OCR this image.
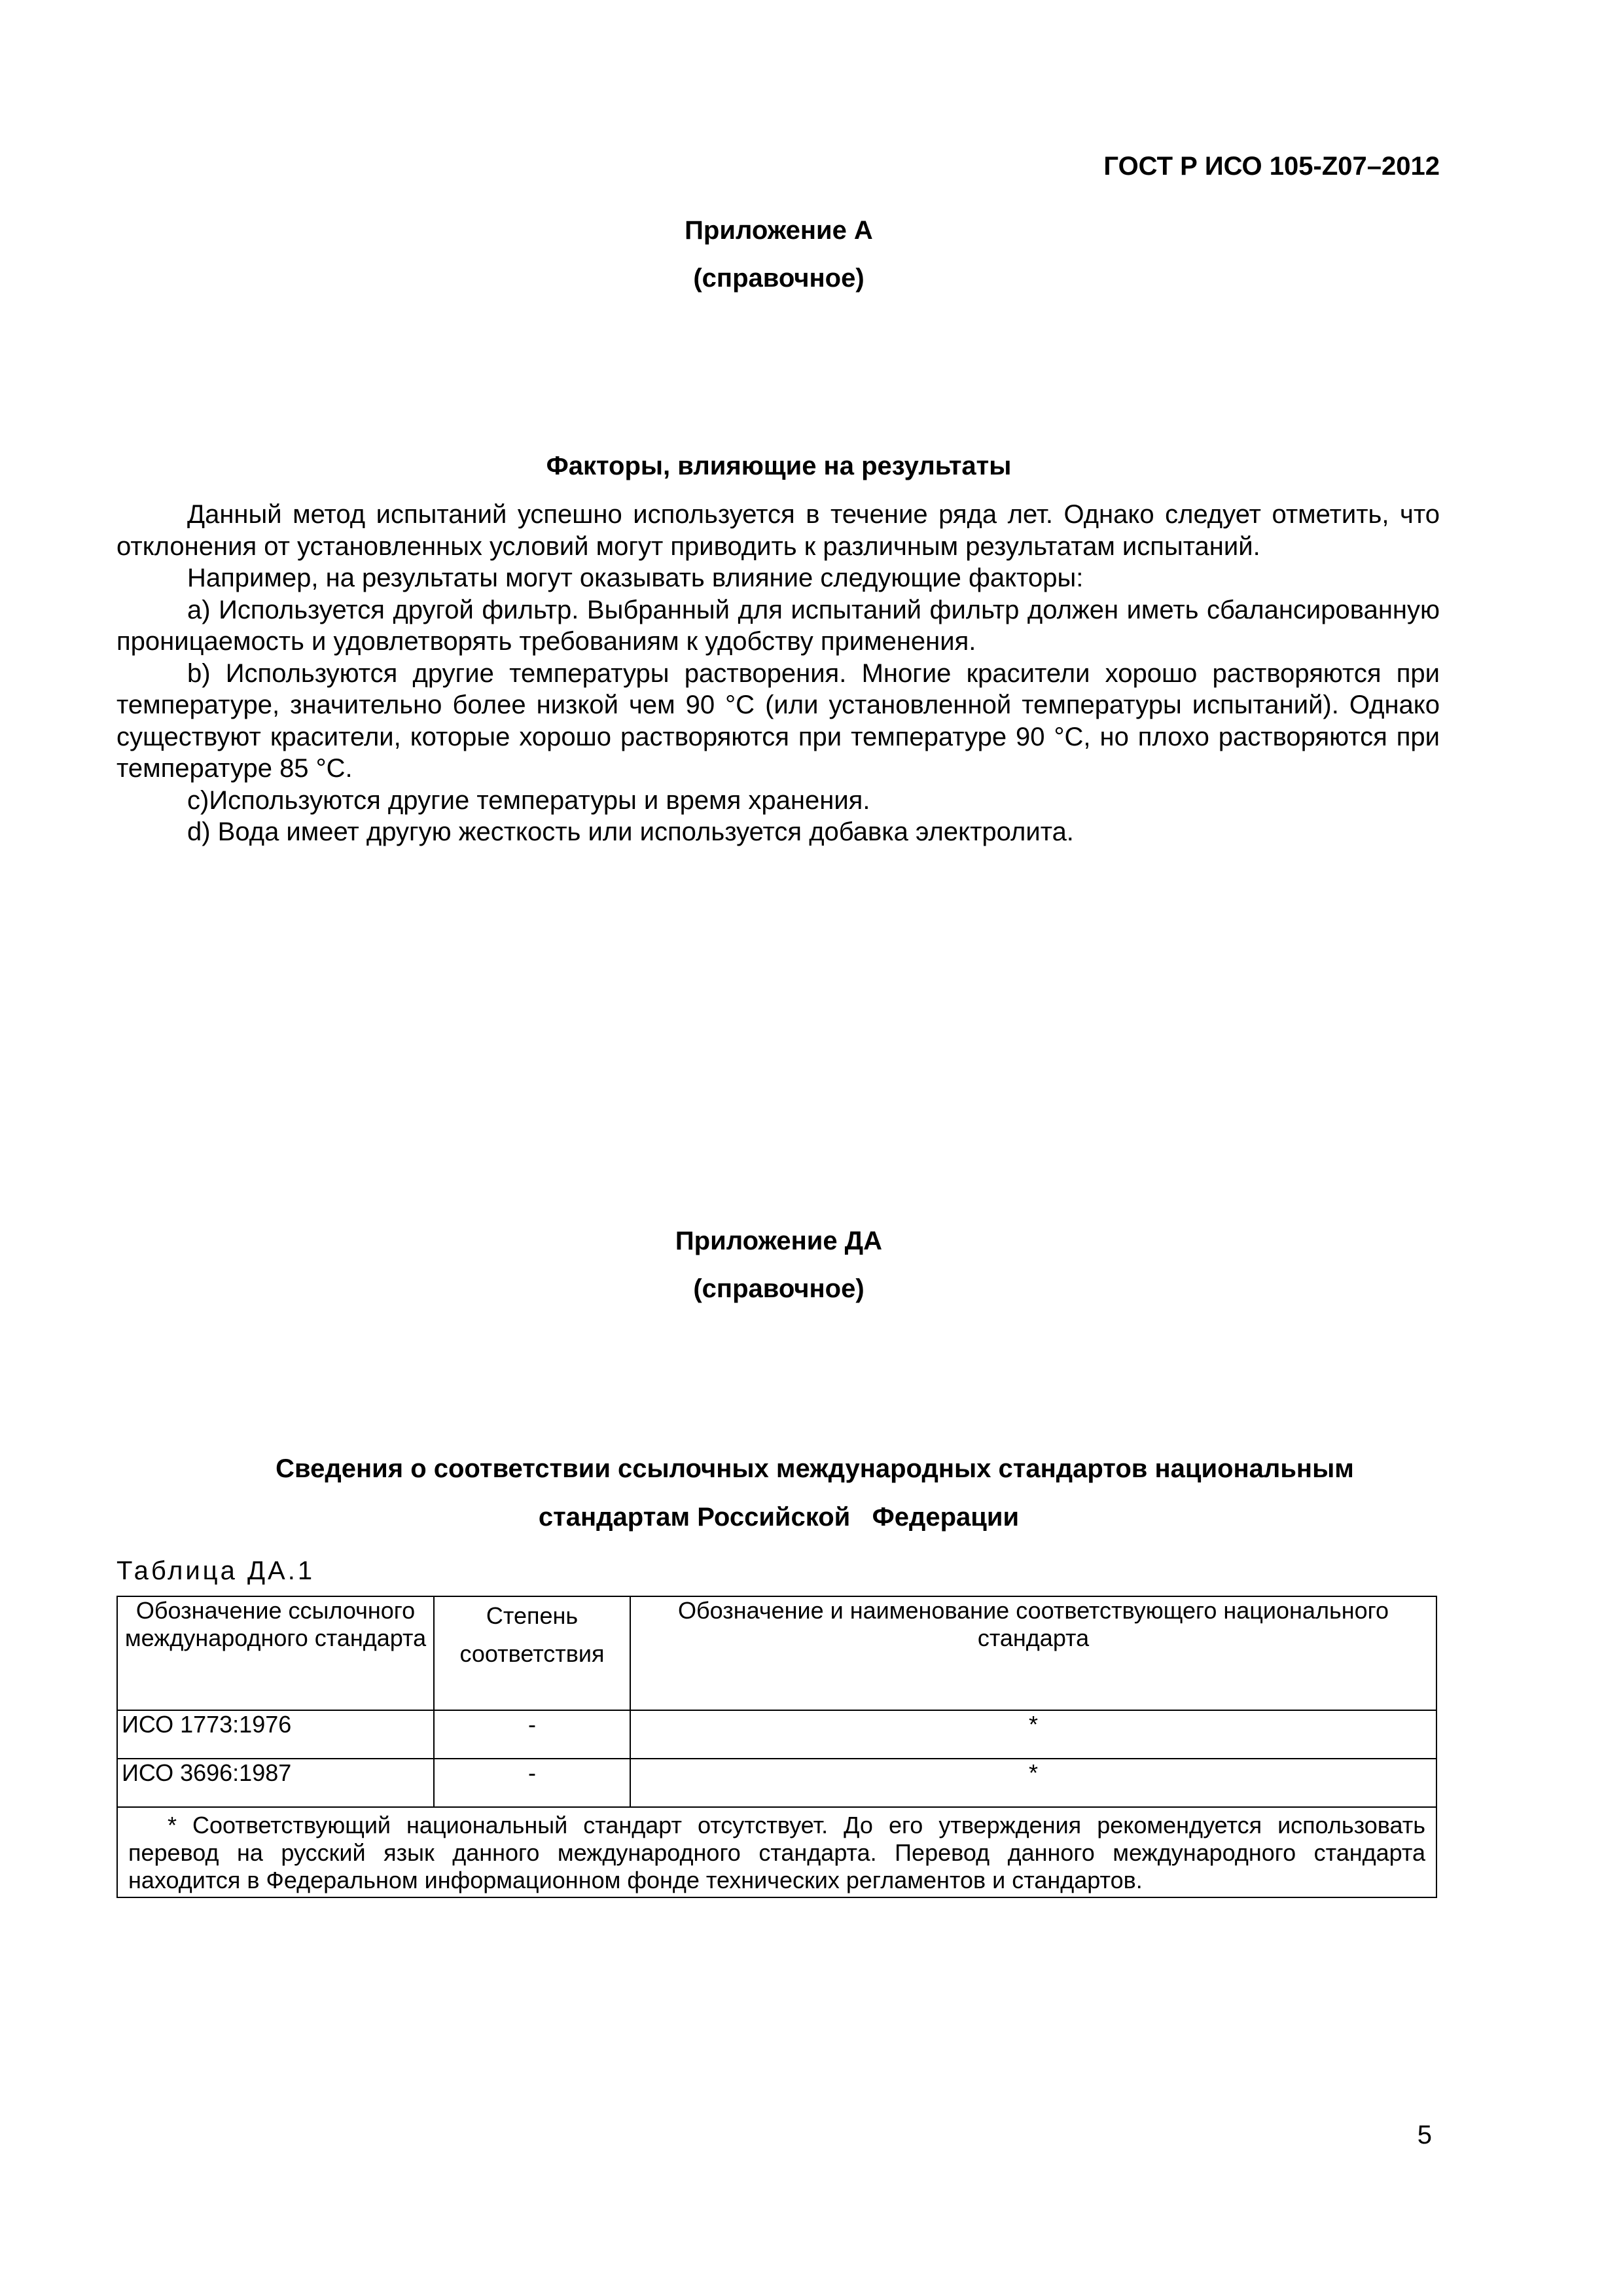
ГОСТ Р ИСО 105-Z07–2012
Приложение А
(справочное)
Факторы, влияющие на результаты

Данный метод испытаний успешно используется в течение ряда лет. Однако следует отметить, что отклонения от установленных условий могут приводить к различным результатам испытаний.

Например, на результаты могут оказывать влияние следующие факторы:

a) Используется другой фильтр. Выбранный для испытаний фильтр должен иметь сбалансированную проницаемость и удовлетворять требованиям к удобству применения.

b) Используются другие температуры растворения. Многие красители хорошо растворяются при температуре, значительно более низкой чем 90 °С (или установленной температуры испытаний). Однако существуют красители, которые хорошо растворяются при температуре 90 °С, но плохо растворяются при температуре 85 °С.

c)Используются другие температуры и время хранения.

d) Вода имеет другую жесткость или используется добавка электролита.

Приложение ДА
(справочное)
Сведения о соответствии ссылочных международных стандартов национальным
стандартам Российской   Федерации
Таблица ДА.1
Обозначение ссылочного международного стандарта	Степень соответствия	Обозначение и наименование соответствующего национального стандарта
ИСО 1773:1976	-	*
ИСО 3696:1987	-	*
* Соответствующий национальный стандарт отсутствует. До его утверждения рекомендуется использовать перевод на русский язык данного международного стандарта. Перевод данного международного стандарта находится в Федеральном информационном фонде технических регламентов и стандартов.		
5
